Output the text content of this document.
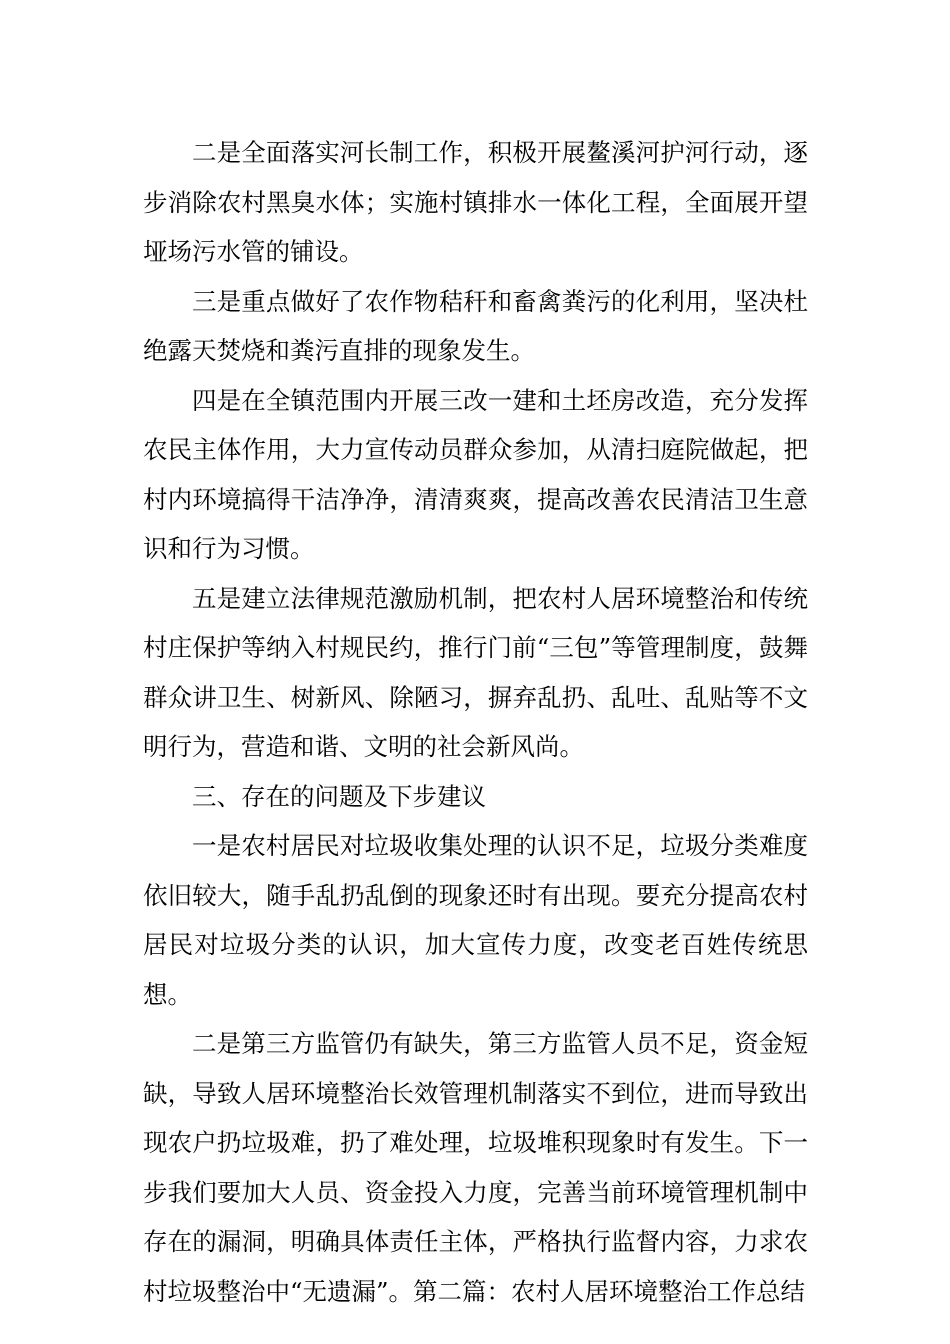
二是全面落实河长制工作，积极开展鳌溪河护河行动，逐步消除农村黑臭水体；实施村镇排水一体化工程，全面展开望垭场污水管的铺设。

三是重点做好了农作物秸秆和畜禽粪污的化利用，坚决杜绝露天焚烧和粪污直排的现象发生。

四是在全镇范围内开展三改一建和土坯房改造，充分发挥农民主体作用，大力宣传动员群众参加，从清扫庭院做起，把村内环境搞得干洁净净，清清爽爽，提高改善农民清洁卫生意识和行为习惯。

五是建立法律规范激励机制，把农村人居环境整治和传统村庄保护等纳入村规民约，推行门前“三包”等管理制度，鼓舞群众讲卫生、树新风、除陋习，摒弃乱扔、乱吐、乱贴等不文明行为，营造和谐、文明的社会新风尚。

三、存在的问题及下步建议

一是农村居民对垃圾收集处理的认识不足，垃圾分类难度依旧较大，随手乱扔乱倒的现象还时有出现。要充分提高农村居民对垃圾分类的认识，加大宣传力度，改变老百姓传统思想。

二是第三方监管仍有缺失，第三方监管人员不足，资金短缺，导致人居环境整治长效管理机制落实不到位，进而导致出现农户扔垃圾难，扔了难处理，垃圾堆积现象时有发生。下一步我们要加大人员、资金投入力度，完善当前环境管理机制中存在的漏洞，明确具体责任主体，严格执行监督内容，力求农村垃圾整治中“无遗漏”。第二篇：农村人居环境整治工作总结
